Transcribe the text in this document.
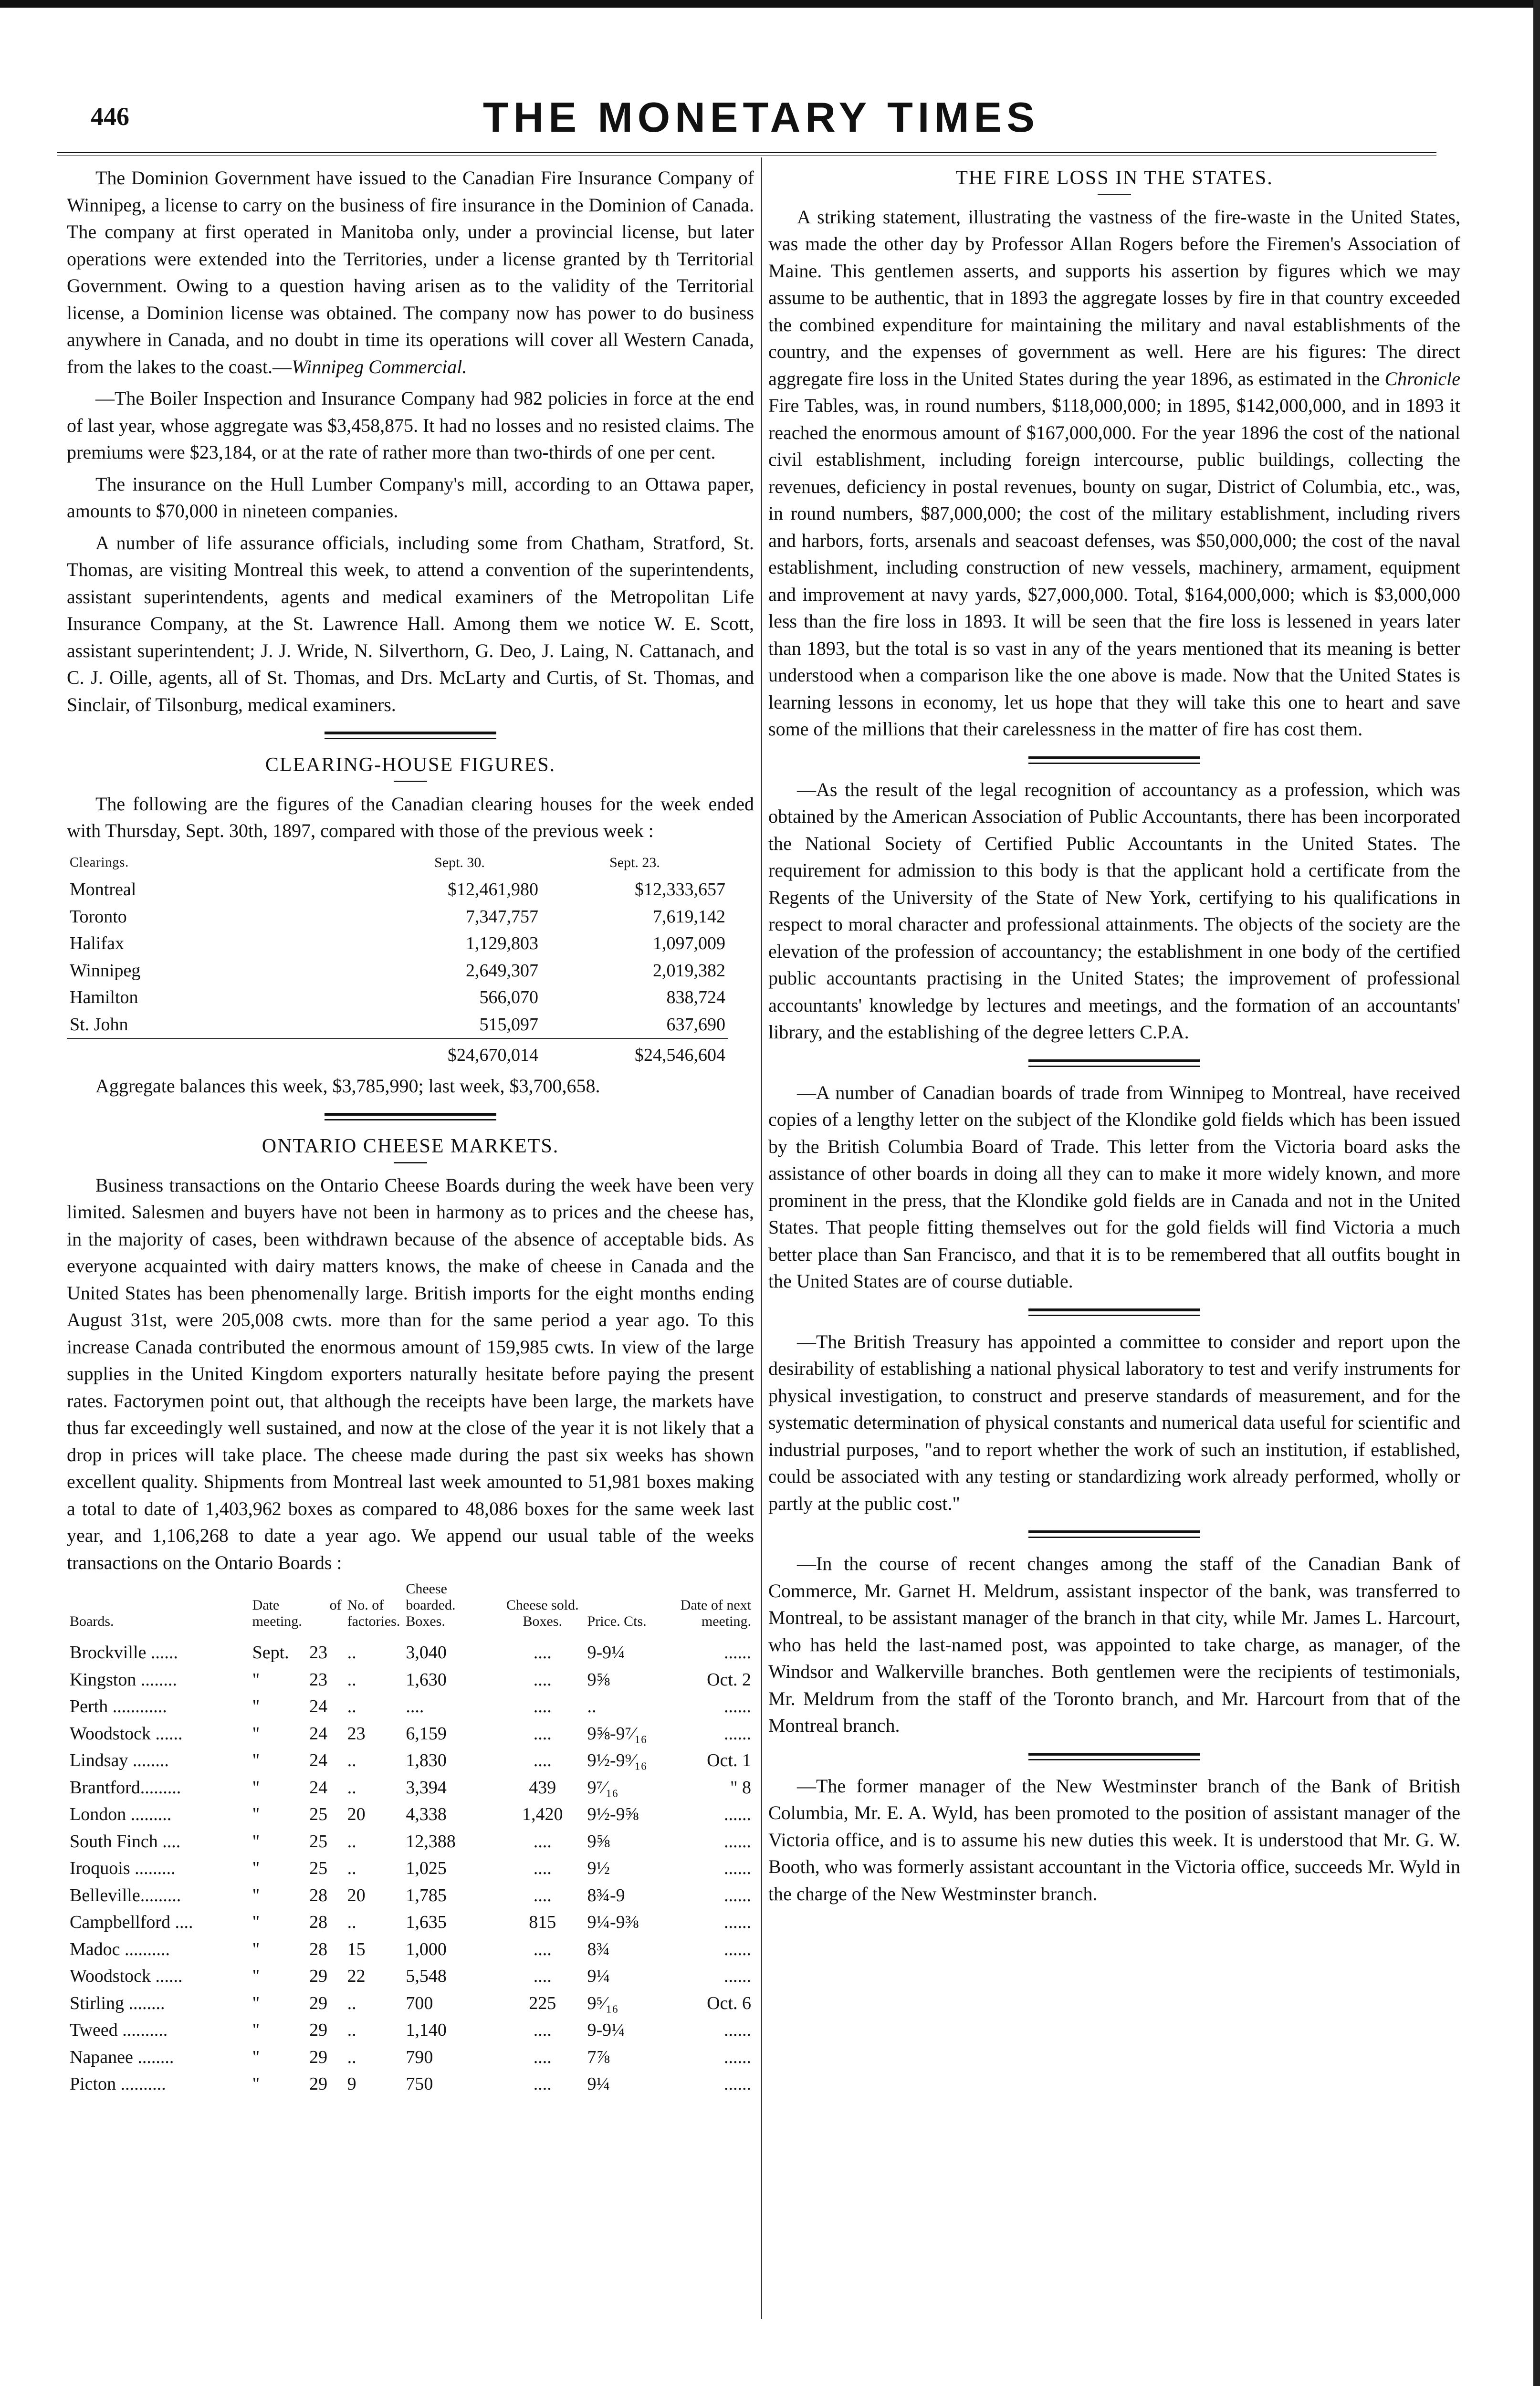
446	THE MONETARY TIMES

The Dominion Government have issued to the Canadian Fire Insurance Company of Winnipeg, a license to carry on the business of fire insurance in the Dominion of Canada. The company at first operated in Manitoba only, under a provincial license, but later operations were extended into the Territories, under a license granted by th Territorial Government. Owing to a question having arisen as to the validity of the Territorial license, a Dominion license was obtained. The company now has power to do business anywhere in Canada, and no doubt in time its operations will cover all Western Canada, from the lakes to the coast.—Winnipeg Commercial.

—The Boiler Inspection and Insurance Company had 982 policies in force at the end of last year, whose aggregate was $3,458,875. It had no losses and no resisted claims. The premiums were $23,184, or at the rate of rather more than two-thirds of one per cent.

The insurance on the Hull Lumber Company's mill, according to an Ottawa paper, amounts to $70,000 in nineteen companies.

A number of life assurance officials, including some from Chatham, Stratford, St. Thomas, are visiting Montreal this week, to attend a convention of the superintendents, assistant superintendents, agents and medical examiners of the Metropolitan Life Insurance Company, at the St. Lawrence Hall. Among them we notice W. E. Scott, assistant superintendent; J. J. Wride, N. Silverthorn, G. Deo, J. Laing, N. Cattanach, and C. J. Oille, agents, all of St. Thomas, and Drs. McLarty and Curtis, of St. Thomas, and Sinclair, of Tilsonburg, medical examiners.

CLEARING-HOUSE FIGURES.

The following are the figures of the Canadian clearing houses for the week ended with Thursday, Sept. 30th, 1897, compared with those of the previous week :

Clearings.	Sept. 30.	Sept. 23.
Montreal	$12,461,980	$12,333,657
Toronto	7,347,757	7,619,142
Halifax	1,129,803	1,097,009
Winnipeg	2,649,307	2,019,382
Hamilton	566,070	838,724
St. John	515,097	637,690
	$24,670,014	$24,546,604

Aggregate balances this week, $3,785,990; last week, $3,700,658.

ONTARIO CHEESE MARKETS.

Business transactions on the Ontario Cheese Boards during the week have been very limited. Salesmen and buyers have not been in harmony as to prices and the cheese has, in the majority of cases, been withdrawn because of the absence of acceptable bids. As everyone acquainted with dairy matters knows, the make of cheese in Canada and the United States has been phenomenally large. British imports for the eight months ending August 31st, were 205,008 cwts. more than for the same period a year ago. To this increase Canada contributed the enormous amount of 159,985 cwts. In view of the large supplies in the United Kingdom exporters naturally hesitate before paying the present rates. Factorymen point out, that although the receipts have been large, the markets have thus far exceedingly well sustained, and now at the close of the year it is not likely that a drop in prices will take place. The cheese made during the past six weeks has shown excellent quality. Shipments from Montreal last week amounted to 51,981 boxes making a total to date of 1,403,962 boxes as compared to 48,086 boxes for the same week last year, and 1,106,268 to date a year ago. We append our usual table of the weeks transactions on the Ontario Boards :

Boards.	Date of meeting.		No. of factories.	Cheese boarded. Boxes.	Cheese sold. Boxes.	Price. Cts.	Date of next meeting.
Brockville ......	Sept.	23	..	3,040	....	9-9¼	......
Kingston ........	"	23	..	1,630	....	9⅝	Oct. 2
Perth ............	"	24	..	....	....	..	......
Woodstock ......	"	24	23	6,159	....	9⅝-9⁷⁄₁₆	......
Lindsay ........	"	24	..	1,830	....	9½-9⁹⁄₁₆	Oct. 1
Brantford.........	"	24	..	3,394	439	9⁷⁄₁₆	" 8
London .........	"	25	20	4,338	1,420	9½-9⅝	......
South Finch ....	"	25	..	12,388	....	9⅝	......
Iroquois .........	"	25	..	1,025	....	9½	......
Belleville.........	"	28	20	1,785	....	8¾-9	......
Campbellford ....	"	28	..	1,635	815	9¼-9⅜	......
Madoc ..........	"	28	15	1,000	....	8¾	......
Woodstock ......	"	29	22	5,548	....	9¼	......
Stirling ........	"	29	..	700	225	9⁵⁄₁₆	Oct. 6
Tweed ..........	"	29	..	1,140	....	9-9¼	......
Napanee ........	"	29	..	790	....	7⅞	......
Picton ..........	"	29	9	750	....	9¼	......
THE FIRE LOSS IN THE STATES.

A striking statement, illustrating the vastness of the fire-waste in the United States, was made the other day by Professor Allan Rogers before the Firemen's Association of Maine. This gentlemen asserts, and supports his assertion by figures which we may assume to be authentic, that in 1893 the aggregate losses by fire in that country exceeded the combined expenditure for maintaining the military and naval establishments of the country, and the expenses of government as well. Here are his figures: The direct aggregate fire loss in the United States during the year 1896, as estimated in the Chronicle Fire Tables, was, in round numbers, $118,000,000; in 1895, $142,000,000, and in 1893 it reached the enormous amount of $167,000,000. For the year 1896 the cost of the national civil establishment, including foreign intercourse, public buildings, collecting the revenues, deficiency in postal revenues, bounty on sugar, District of Columbia, etc., was, in round numbers, $87,000,000; the cost of the military establishment, including rivers and harbors, forts, arsenals and seacoast defenses, was $50,000,000; the cost of the naval establishment, including construction of new vessels, machinery, armament, equipment and improvement at navy yards, $27,000,000. Total, $164,000,000; which is $3,000,000 less than the fire loss in 1893. It will be seen that the fire loss is lessened in years later than 1893, but the total is so vast in any of the years mentioned that its meaning is better understood when a comparison like the one above is made. Now that the United States is learning lessons in economy, let us hope that they will take this one to heart and save some of the millions that their carelessness in the matter of fire has cost them.

—As the result of the legal recognition of accountancy as a profession, which was obtained by the American Association of Public Accountants, there has been incorporated the National Society of Certified Public Accountants in the United States. The requirement for admission to this body is that the applicant hold a certificate from the Regents of the University of the State of New York, certifying to his qualifications in respect to moral character and professional attainments. The objects of the society are the elevation of the profession of accountancy; the establishment in one body of the certified public accountants practising in the United States; the improvement of professional accountants' knowledge by lectures and meetings, and the formation of an accountants' library, and the establishing of the degree letters C.P.A.

—A number of Canadian boards of trade from Winnipeg to Montreal, have received copies of a lengthy letter on the subject of the Klondike gold fields which has been issued by the British Columbia Board of Trade. This letter from the Victoria board asks the assistance of other boards in doing all they can to make it more widely known, and more prominent in the press, that the Klondike gold fields are in Canada and not in the United States. That people fitting themselves out for the gold fields will find Victoria a much better place than San Francisco, and that it is to be remembered that all outfits bought in the United States are of course dutiable.

—The British Treasury has appointed a committee to consider and report upon the desirability of establishing a national physical laboratory to test and verify instruments for physical investigation, to construct and preserve standards of measurement, and for the systematic determination of physical constants and numerical data useful for scientific and industrial purposes, "and to report whether the work of such an institution, if established, could be associated with any testing or standardizing work already performed, wholly or partly at the public cost."

—In the course of recent changes among the staff of the Canadian Bank of Commerce, Mr. Garnet H. Meldrum, assistant inspector of the bank, was transferred to Montreal, to be assistant manager of the branch in that city, while Mr. James L. Harcourt, who has held the last-named post, was appointed to take charge, as manager, of the Windsor and Walkerville branches. Both gentlemen were the recipients of testimonials, Mr. Meldrum from the staff of the Toronto branch, and Mr. Harcourt from that of the Montreal branch.

—The former manager of the New Westminster branch of the Bank of British Columbia, Mr. E. A. Wyld, has been promoted to the position of assistant manager of the Victoria office, and is to assume his new duties this week. It is understood that Mr. G. W. Booth, who was formerly assistant accountant in the Victoria office, succeeds Mr. Wyld in the charge of the New Westminster branch.
